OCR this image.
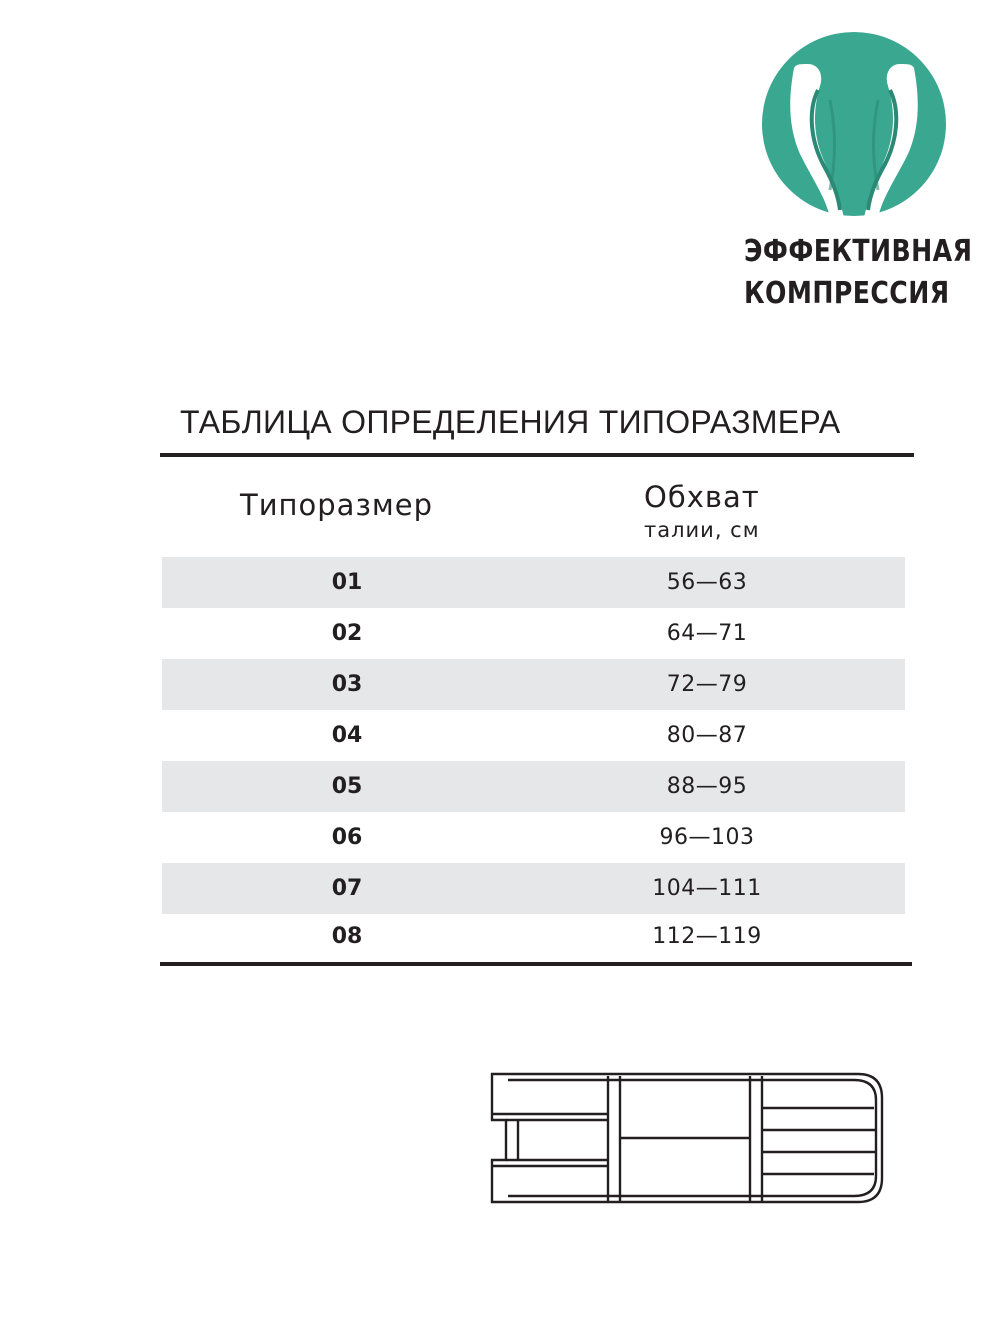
ЭФФЕКТИВНАЯ
КОМПРЕССИЯ
ТАБЛИЦА ОПРЕДЕЛЕНИЯ ТИПОРАЗМЕРА
Типоразмер	Обхват
талии, см
01	56—63
02	64—71
03	72—79
04	80—87
05	88—95
06	96—103
07	104—111
08	112—119
